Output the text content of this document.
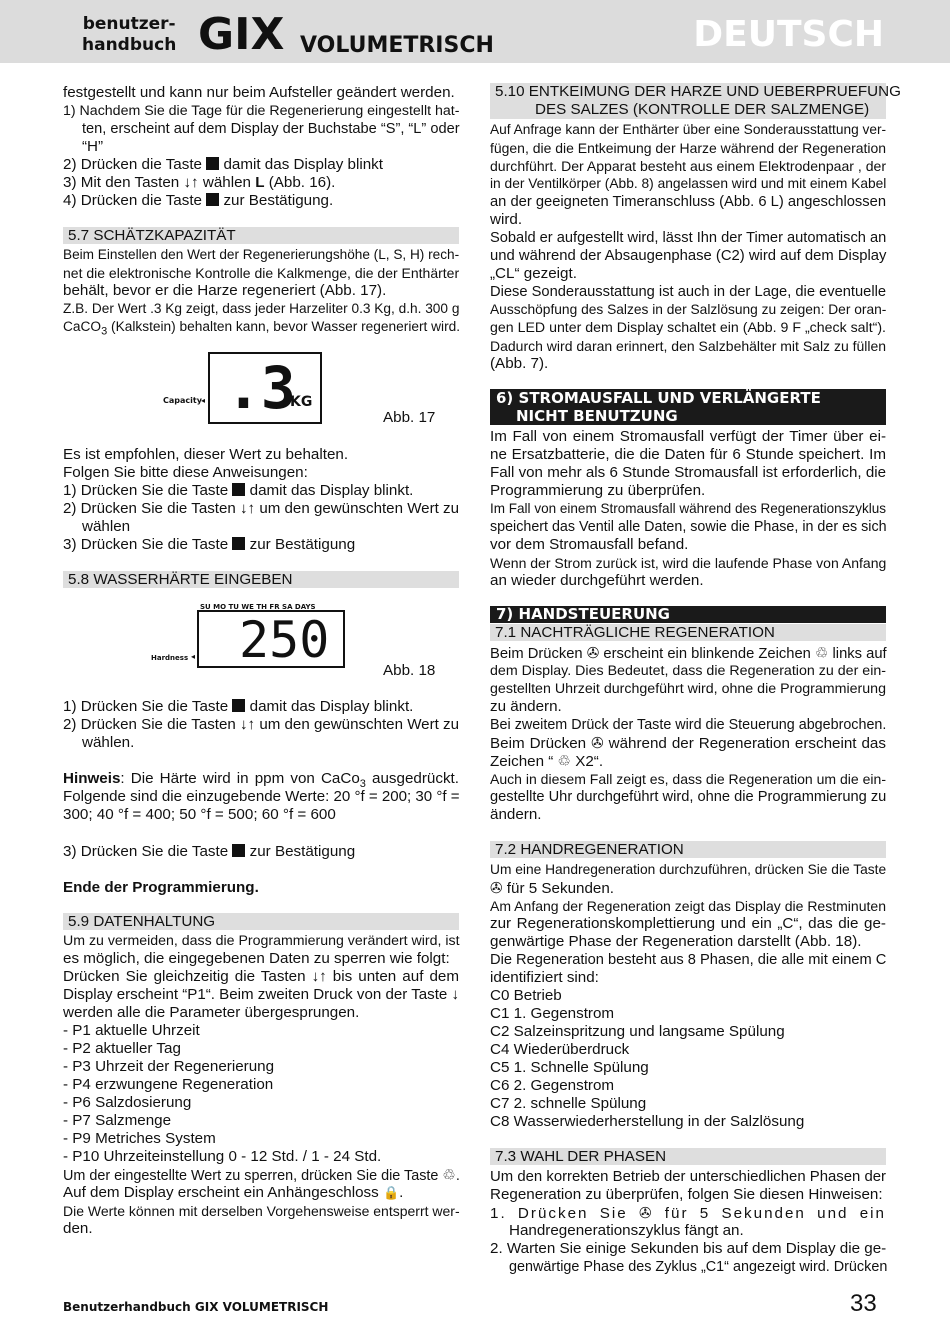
benutzer-
handbuch GIX VOLUMETRISCH	DEUTSCH
festgestellt und kann nur beim Aufsteller geändert werden.
1) Nachdem Sie die Tage für die Regenerierung eingestellt hat-
ten, erscheint auf dem Display der Buchstabe “S”, “L” oder
“H”
2) Drücken die Taste  damit das Display blinkt
3) Mit den Tasten ↓↑ wählen L (Abb. 16).
4) Drücken die Taste  zur Bestätigung.
5.7 SCHÄTZKAPAZITÄT
Beim Einstellen den Wert der Regenerierungshöhe (L, S, H) rech-
net die elektronische Kontrolle die Kalkmenge, die der Enthärter
behält, bevor er die Harze regeneriert (Abb. 17).
Z.B. Der Wert .3 Kg zeigt, dass jeder Harzeliter 0.3 Kg, d.h. 300 g
CaCO$_3$ (Kalkstein) behalten kann, bevor Wasser regeneriert wird.
Capacity ◂ .3
KG
Abb. 17
Es ist empfohlen, dieser Wert zu behalten.
Folgen Sie bitte diese Anweisungen:
1) Drücken Sie die Taste  damit das Display blinkt.
2) Drücken Sie die Tasten ↓↑ um den gewünschten Wert zu
wählen
3) Drücken Sie die Taste  zur Bestätigung
5.8 WASSERHÄRTE EINGEBEN
SU MO TU WE TH FR SA DAYS
Hardness ◂ 250
Abb. 18
1) Drücken Sie die Taste  damit das Display blinkt.
2) Drücken Sie die Tasten ↓↑ um den gewünschten Wert zu
wählen.
Hinweis: Die Härte wird in ppm von CaCo$_3$ ausgedrückt.
Folgende sind die einzugebende Werte: 20 °f = 200; 30 °f =
300; 40 °f = 400; 50 °f = 500; 60 °f = 600
3) Drücken Sie die Taste  zur Bestätigung
Ende der Programmierung.
5.9 DATENHALTUNG
Um zu vermeiden, dass die Programmierung verändert wird, ist
es möglich, die eingegebenen Daten zu sperren wie folgt:
Drücken Sie gleichzeitig die Tasten ↓↑ bis unten auf dem
Display erscheint “P1“. Beim zweiten Druck von der Taste ↓
werden alle die Parameter übergesprungen.
- P1 aktuelle Uhrzeit
- P2 aktueller Tag
- P3 Uhrzeit der Regenerierung
- P4 erzwungene Regeneration
- P6 Salzdosierung
- P7 Salzmenge
- P9 Metriches System
- P10 Uhrzeiteinstellung 0 - 12 Std. / 1 - 24 Std.
Um der eingestellte Wert zu sperren, drücken Sie die Taste ♲.
Auf dem Display erscheint ein Anhängeschloss 🔒.
Die Werte können mit derselben Vorgehensweise entsperrt wer-
den.
5.10 ENTKEIMUNG DER HARZE UND UEBERPRUEFUNG
DES SALZES (KONTROLLE DER SALZMENGE)
Auf Anfrage kann der Enthärter über eine Sonderausstattung ver-
fügen, die die Entkeimung der Harze während der Regeneration
durchführt. Der Apparat besteht aus einem Elektrodenpaar , der
in der Ventilkörper (Abb. 8) angelassen wird und mit einem Kabel
an der geeigneten Timeranschluss (Abb. 6 L) angeschlossen
wird.
Sobald er aufgestellt wird, lässt Ihn der Timer automatisch an
und während der Absaugenphase (C2) wird auf dem Display
„CL“ gezeigt.
Diese Sonderausstattung ist auch in der Lage, die eventuelle
Ausschöpfung des Salzes in der Salzlösung zu zeigen: Der oran-
gen LED unter dem Display schaltet ein (Abb. 9 F „check salt“).
Dadurch wird daran erinnert, den Salzbehälter mit Salz zu füllen
(Abb. 7).
6) STROMAUSFALL UND VERLÄNGERTE
NICHT BENUTZUNG
Im Fall von einem Stromausfall verfügt der Timer über ei-
ne Ersatzbatterie, die die Daten für 6 Stunde speichert. Im
Fall von mehr als 6 Stunde Stromausfall ist erforderlich, die
Programmierung zu überprüfen.
Im Fall von einem Stromausfall während des Regenerationszyklus
speichert das Ventil alle Daten, sowie die Phase, in der es sich
vor dem Stromausfall befand.
Wenn der Strom zurück ist, wird die laufende Phase von Anfang
an wieder durchgeführt werden.
7) HANDSTEUERUNG
7.1 NACHTRÄGLICHE REGENERATION
Beim Drücken ✇ erscheint ein blinkende Zeichen ♲ links auf
dem Display. Dies Bedeutet, dass die Regeneration zu der ein-
gestellten Uhrzeit durchgeführt wird, ohne die Programmierung
zu ändern.
Bei zweitem Drück der Taste wird die Steuerung abgebrochen.
Beim Drücken ✇ während der Regeneration erscheint das
Zeichen “ ♲ X2“.
Auch in diesem Fall zeigt es, dass die Regeneration um die ein-
gestellte Uhr durchgeführt wird, ohne die Programmierung zu
ändern.
7.2 HANDREGENERATION
Um eine Handregeneration durchzuführen, drücken Sie die Taste
✇ für 5 Sekunden.
Am Anfang der Regeneration zeigt das Display die Restminuten
zur Regenerationskomplettierung und ein „C“, das die ge-
genwärtige Phase der Regeneration darstellt (Abb. 18).
Die Regeneration besteht aus 8 Phasen, die alle mit einem C
identifiziert sind:
C0 Betrieb
C1 1. Gegenstrom
C2 Salzeinspritzung und langsame Spülung
C4 Wiederüberdruck
C5 1. Schnelle Spülung
C6 2. Gegenstrom
C7 2. schnelle Spülung
C8 Wasserwiederherstellung in der Salzlösung
7.3 WAHL DER PHASEN
Um den korrekten Betrieb der unterschiedlichen Phasen der
Regeneration zu überprüfen, folgen Sie diesen Hinweisen:
1. Drücken Sie ✇ für 5 Sekunden und ein
Handregenerationszyklus fängt an.
2. Warten Sie einige Sekunden bis auf dem Display die ge-
genwärtige Phase des Zyklus „C1“ angezeigt wird. Drücken
Benutzerhandbuch GIX VOLUMETRISCH	33
